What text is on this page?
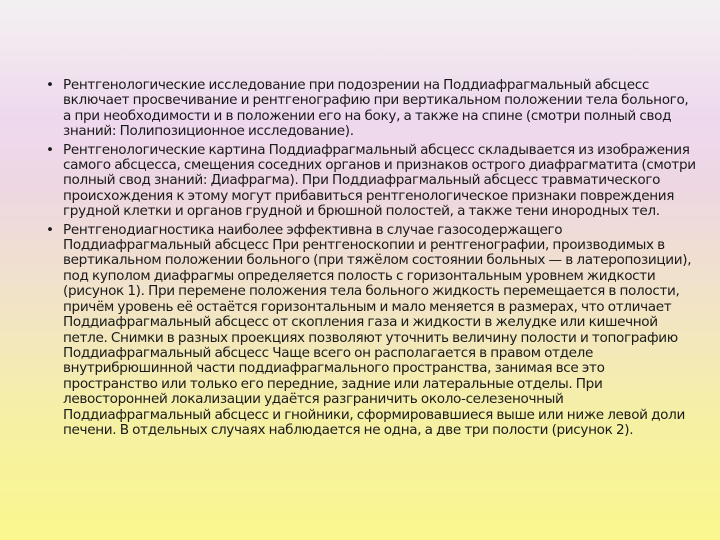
• Рентгенологические исследование при подозрении на Поддиафрагмальный абсцесс включает просвечивание и рентгенографию при вертикальном положении тела больного, а при необходимости и в положении его на боку, а также на спине (смотри полный свод знаний: Полипозиционное исследование).
• Рентгенологические картина Поддиафрагмальный абсцесс складывается из изображения самого абсцесса, смещения соседних органов и признаков острого диафрагматита (смотри полный свод знаний: Диафрагма). При Поддиафрагмальный абсцесс травматического происхождения к этому могут прибавиться рентгенологическое признаки повреждения грудной клетки и органов грудной и брюшной полостей, а также тени инородных тел.
• Рентгенодиагностика наиболее эффективна в случае газосодержащего Поддиафрагмальный абсцесс При рентгеноскопии и рентгенографии, производимых в вертикальном положении больного (при тяжёлом состоянии больных — в латеропозиции), под куполом диафрагмы определяется полость с горизонтальным уровнем жидкости (рисунок 1). При перемене положения тела больного жидкость перемещается в полости, причём уровень её остаётся горизонтальным и мало меняется в размерах, что отличает Поддиафрагмальный абсцесс от скопления газа и жидкости в желудке или кишечной петле. Снимки в разных проекциях позволяют уточнить величину полости и топографию Поддиафрагмальный абсцесс Чаще всего он располагается в правом отделе внутрибрюшинной части поддиафрагмального пространства, занимая все это пространство или только его передние, задние или латеральные отделы. При левосторонней локализации удаётся разграничить около-селезеночный Поддиафрагмальный абсцесс и гнойники, сформировавшиеся выше или ниже левой доли печени. В отдельных случаях наблюдается не одна, а две три полости (рисунок 2).
